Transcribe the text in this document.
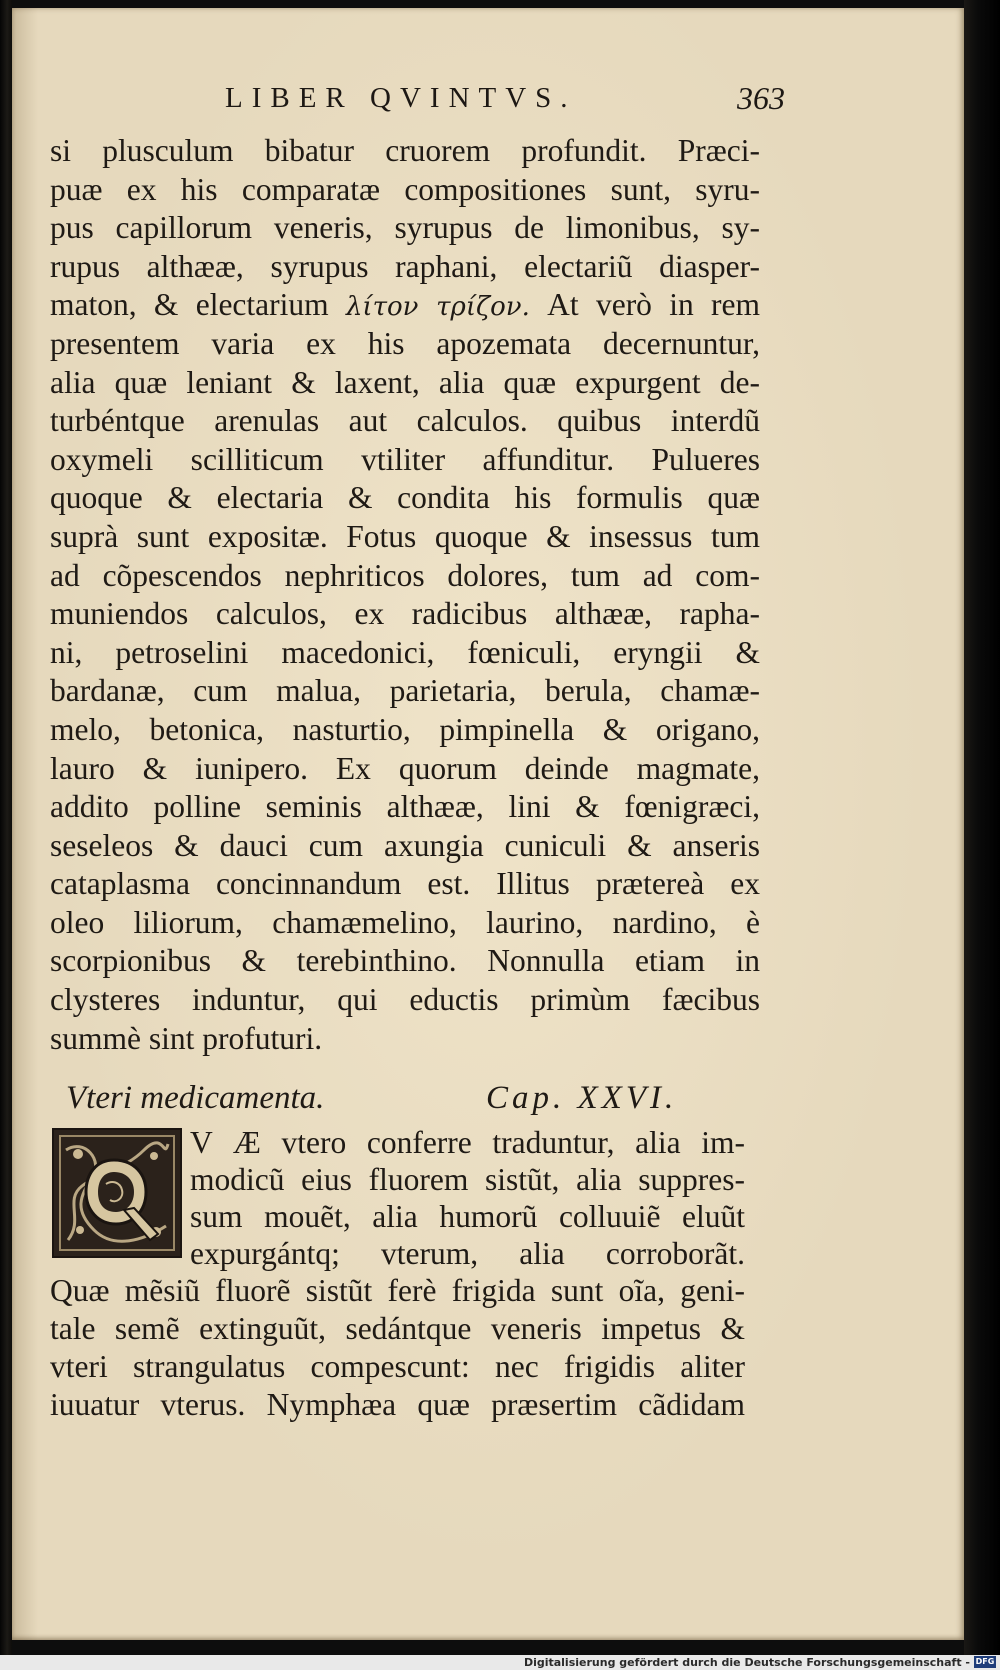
LIBER QVINTVS.	363
si plusculum bibatur cruorem profundit. Præci-
puæ ex his comparatæ compositiones sunt, syru-
pus capillorum veneris, syrupus de limonibus, sy-
rupus althææ, syrupus raphani, electariũ diasper-
maton, & electarium λίτον τρίζον. At verò in rem
presentem varia ex his apozemata decernuntur,
alia quæ leniant & laxent, alia quæ expurgent de-
turbéntque arenulas aut calculos. quibus interdũ
oxymeli scilliticum vtiliter affunditur. Pulueres
quoque & electaria & condita his formulis quæ
suprà sunt expositæ. Fotus quoque & insessus tum
ad cõpescendos nephriticos dolores, tum ad com-
muniendos calculos, ex radicibus althææ, rapha-
ni, petroselini macedonici, fœniculi, eryngii &
bardanæ, cum malua, parietaria, berula, chamæ-
melo, betonica, nasturtio, pimpinella & origano,
lauro & iunipero. Ex quorum deinde magmate,
addito polline seminis althææ, lini & fœnigræci,
seseleos & dauci cum axungia cuniculi & anseris
cataplasma concinnandum est. Illitus prætereà ex
oleo liliorum, chamæmelino, laurino, nardino, è
scorpionibus & terebinthino. Nonnulla etiam in
clysteres induntur, qui eductis primùm fæcibus
summè sint profuturi.
Vteri medicamenta.	Cap. XXVI.
V Æ vtero conferre traduntur, alia im-
modicũ eius fluorem sistũt, alia suppres-
sum mouẽt, alia humorũ colluuiẽ eluũt
expurgántq; vterum, alia corroborãt.
Quæ mẽsiũ fluorẽ sistũt ferè frigida sunt oĩa, geni-
tale semẽ extinguũt, sedántque veneris impetus &
vteri strangulatus compescunt: nec frigidis aliter
iuuatur vterus. Nymphæa quæ præsertim cãdidam
Digitalisierung gefördert durch die Deutsche Forschungsgemeinschaft - DFG
